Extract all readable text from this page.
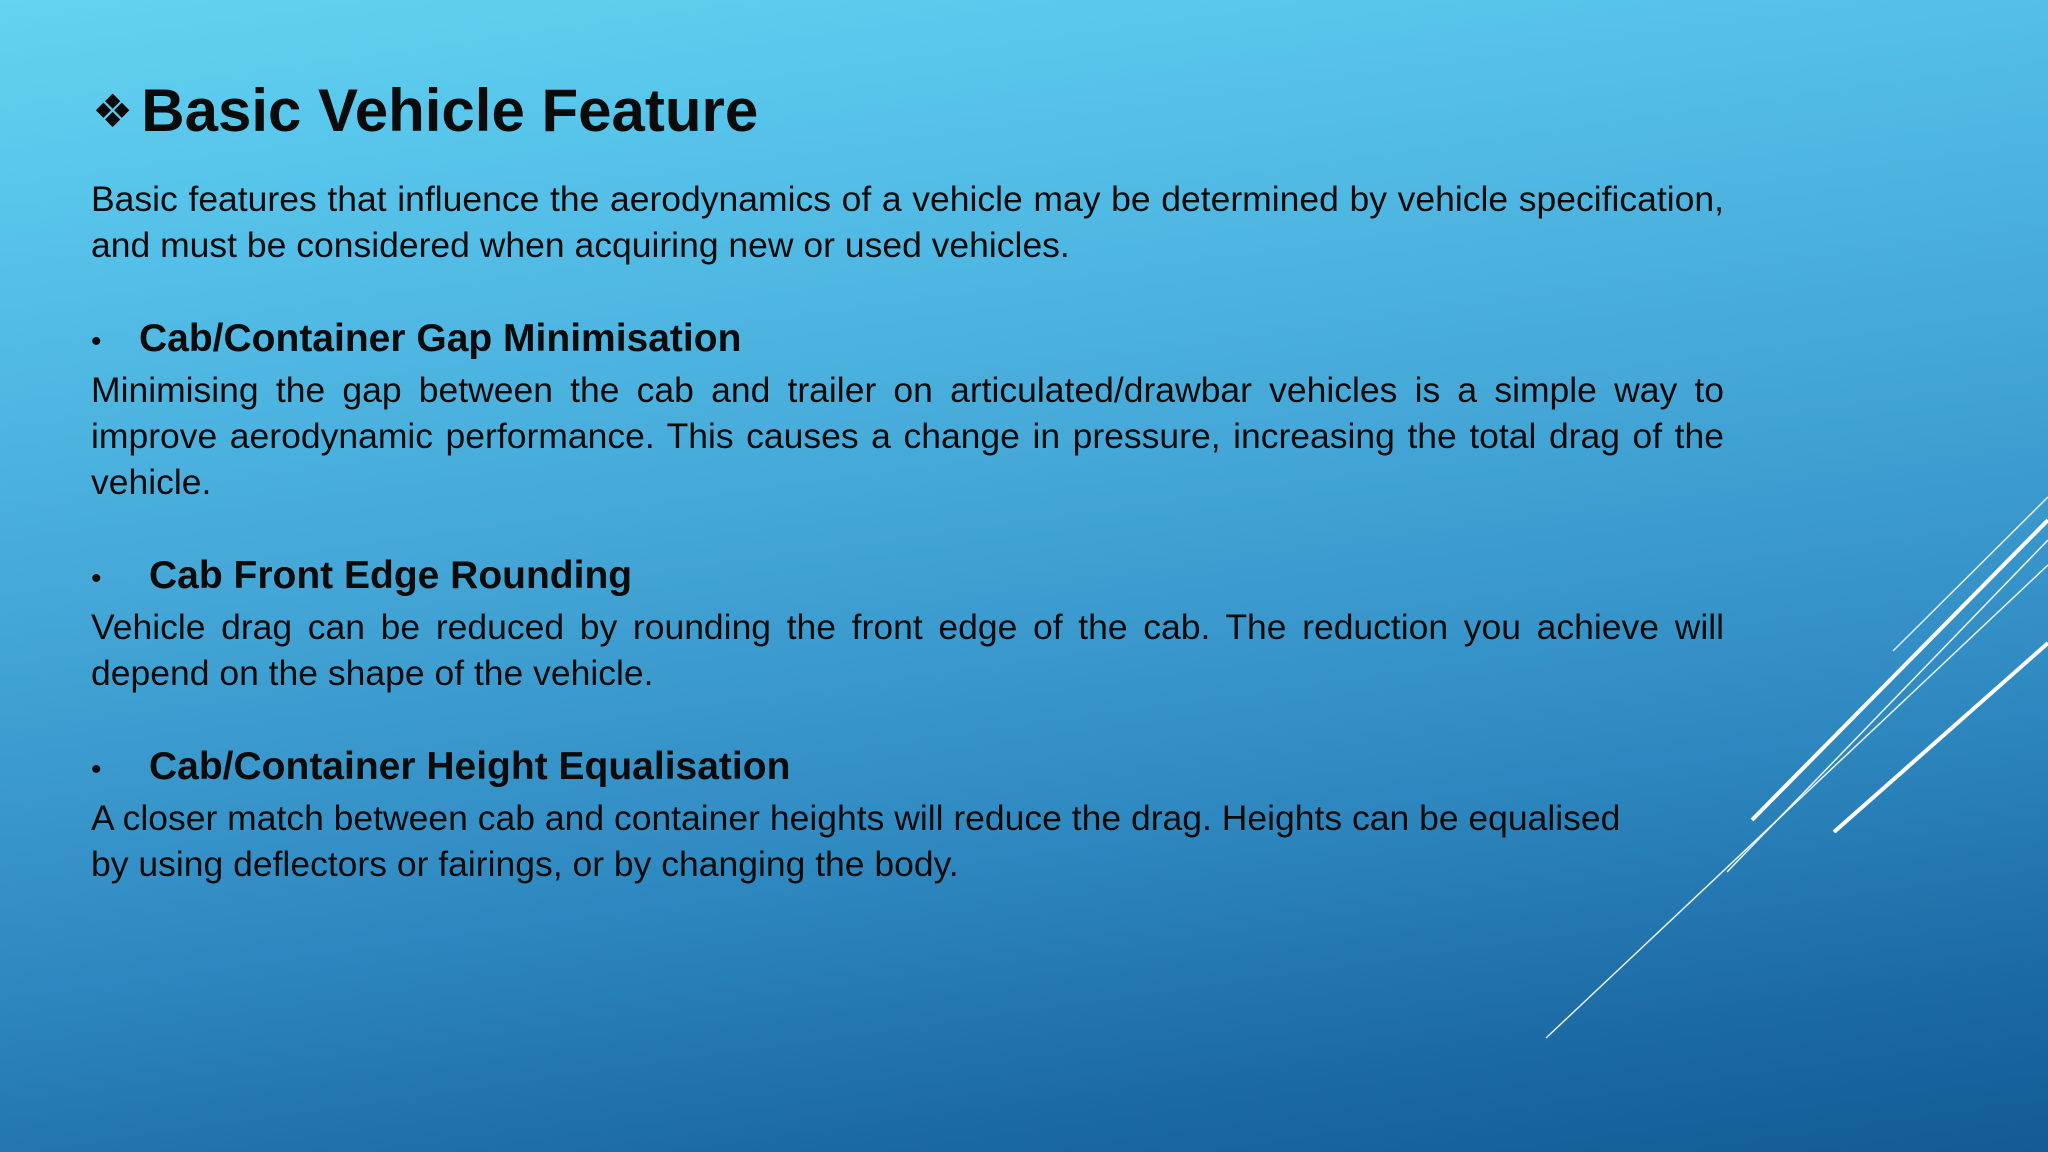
❖ Basic Vehicle Feature

Basic features that influence the aerodynamics of a vehicle may be determined by vehicle specification, and must be considered when acquiring new or used vehicles.

• Cab/Container Gap Minimisation

Minimising the gap between the cab and trailer on articulated/drawbar vehicles is a simple way to improve aerodynamic performance. This causes a change in pressure, increasing the total drag of the vehicle.

•	Cab Front Edge Rounding

Vehicle drag can be reduced by rounding the front edge of the cab. The reduction you achieve will depend on the shape of the vehicle.

•	Cab/Container Height Equalisation

A closer match between cab and container heights will reduce the drag. Heights can be equalised by using deflectors or fairings, or by changing the body.
